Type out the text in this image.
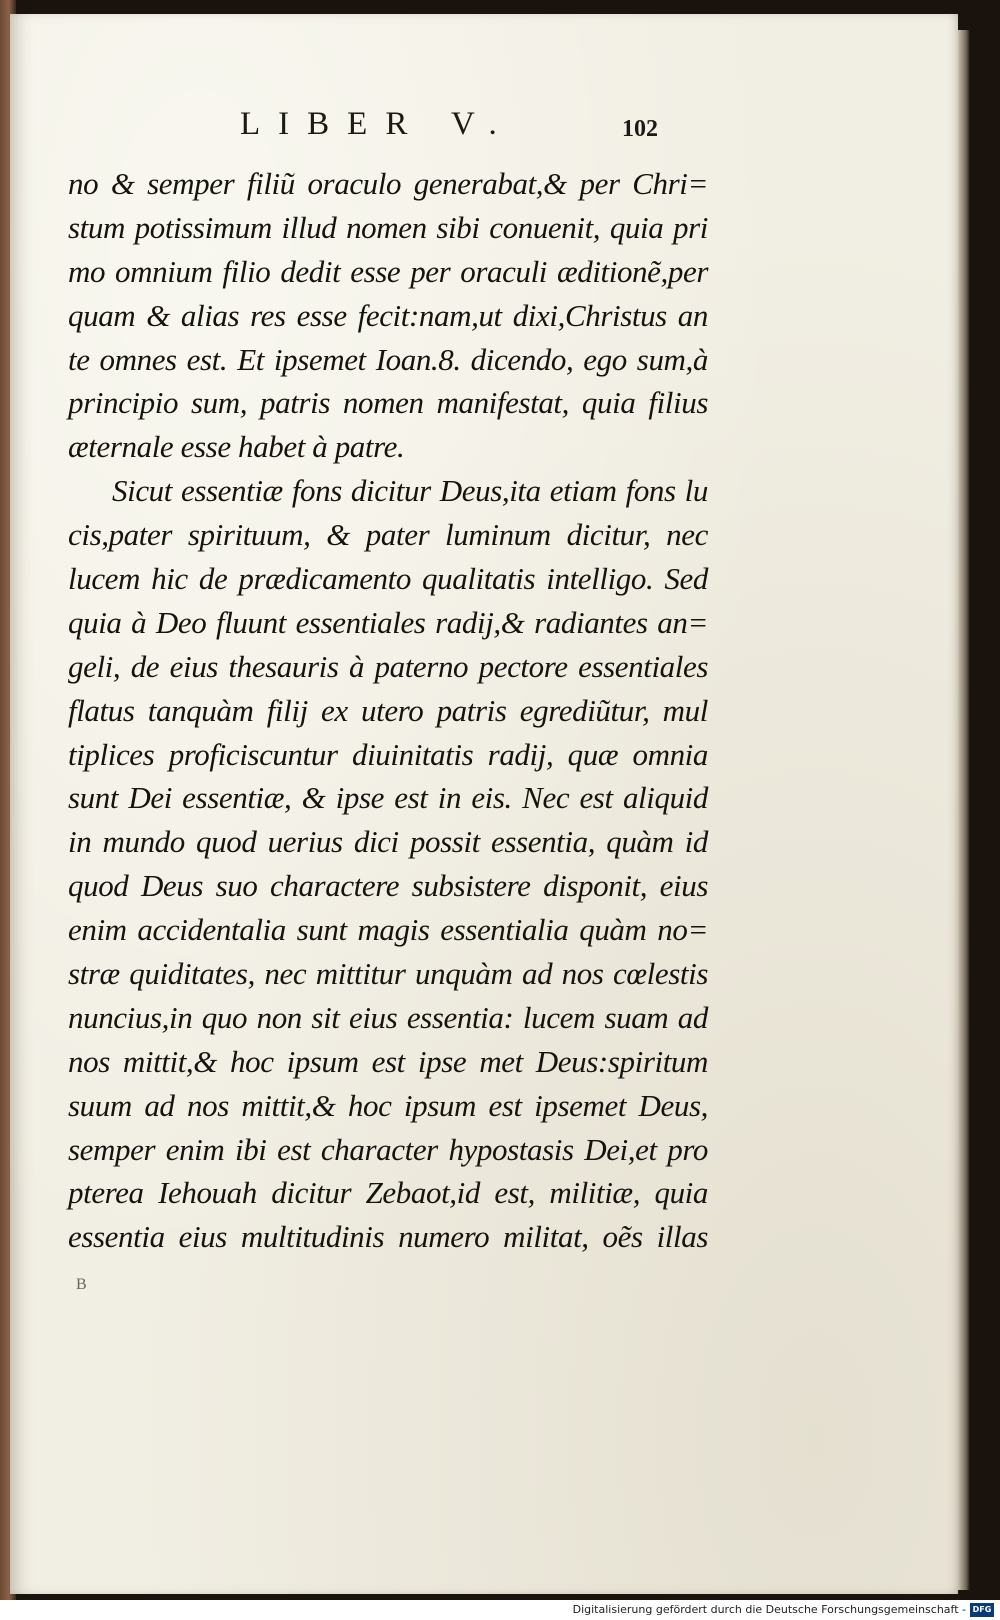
LIBER V.	102
no & semper filiũ oraculo generabat,& per Chri=
stum potissimum illud nomen sibi conuenit, quia pri
mo omnium filio dedit esse per oraculi æditionẽ,per
quam & alias res esse fecit:nam,ut dixi,Christus an
te omnes est. Et ipsemet Ioan.8. dicendo, ego sum,à
principio sum, patris nomen manifestat, quia filius
æternale esse habet à patre.
Sicut essentiæ fons dicitur Deus,ita etiam fons lu
cis,pater spirituum, & pater luminum dicitur, nec
lucem hic de prædicamento qualitatis intelligo. Sed
quia à Deo fluunt essentiales radij,& radiantes an=
geli, de eius thesauris à paterno pectore essentiales
flatus tanquàm filij ex utero patris egrediũtur, mul
tiplices proficiscuntur diuinitatis radij, quæ omnia
sunt Dei essentiæ, & ipse est in eis. Nec est aliquid
in mundo quod uerius dici possit essentia, quàm id
quod Deus suo charactere subsistere disponit, eius
enim accidentalia sunt magis essentialia quàm no=
stræ quiditates, nec mittitur unquàm ad nos cœlestis
nuncius,in quo non sit eius essentia: lucem suam ad
nos mittit,& hoc ipsum est ipse met Deus:spiritum
suum ad nos mittit,& hoc ipsum est ipsemet Deus,
semper enim ibi est character hypostasis Dei,et pro
pterea Iehouah dicitur Zebaot,id est, militiæ, quia
essentia eius multitudinis numero militat, oẽs illas
B
Digitalisierung gefördert durch die Deutsche Forschungsgemeinschaft - DFG
